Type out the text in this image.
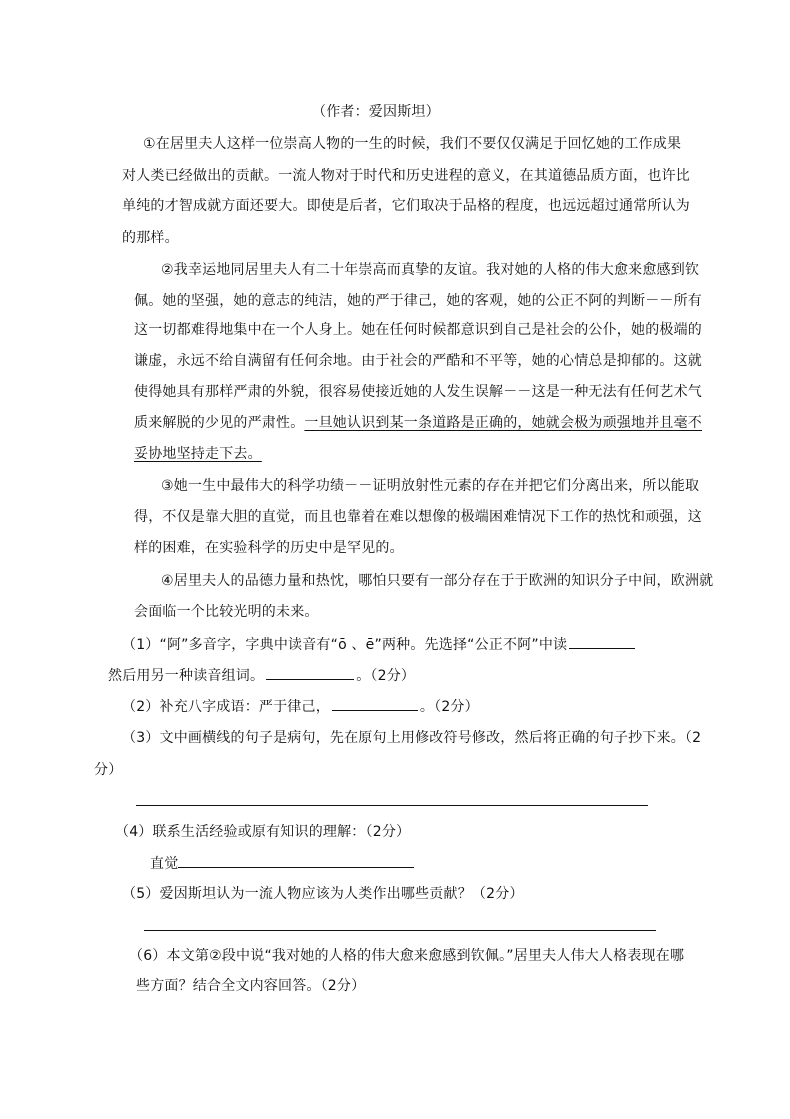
（作者：爱因斯坦）
①在居里夫人这样一位崇高人物的一生的时候，我们不要仅仅满足于回忆她的工作成果
对人类已经做出的贡献。一流人物对于时代和历史进程的意义，在其道德品质方面，也许比
单纯的才智成就方面还要大。即使是后者，它们取决于品格的程度，也远远超过通常所认为
的那样。
②我幸运地同居里夫人有二十年崇高而真挚的友谊。我对她的人格的伟大愈来愈感到钦
佩。她的坚强，她的意志的纯洁，她的严于律己，她的客观，她的公正不阿的判断－－所有
这一切都难得地集中在一个人身上。她在任何时候都意识到自己是社会的公仆，她的极端的
谦虚，永远不给自满留有任何余地。由于社会的严酷和不平等，她的心情总是抑郁的。这就
使得她具有那样严肃的外貌，很容易使接近她的人发生误解－－这是一种无法有任何艺术气
质来解脱的少见的严肃性。一旦她认识到某一条道路是正确的，她就会极为顽强地并且毫不
妥协地坚持走下去。
③她一生中最伟大的科学功绩－－证明放射性元素的存在并把它们分离出来，所以能取
得，不仅是靠大胆的直觉，而且也靠着在难以想像的极端困难情况下工作的热忱和顽强，这
样的困难，在实验科学的历史中是罕见的。
④居里夫人的品德力量和热忱，哪怕只要有一部分存在于于欧洲的知识分子中间，欧洲就
会面临一个比较光明的未来。
（1）“阿”多音字，字典中读音有“ō 、ē”两种。先选择“公正不阿”中读
然后用另一种读音组词。	。（2分）
（2）补充八字成语：严于律己，	。（2分）
（3）文中画横线的句子是病句，先在原句上用修改符号修改，然后将正确的句子抄下来。（2
分）
（4）联系生活经验或原有知识的理解：（2分）
直觉
（5）爱因斯坦认为一流人物应该为人类作出哪些贡献？（2分）
（6）本文第②段中说“我对她的人格的伟大愈来愈感到钦佩。”居里夫人伟大人格表现在哪
些方面？结合全文内容回答。（2分）
